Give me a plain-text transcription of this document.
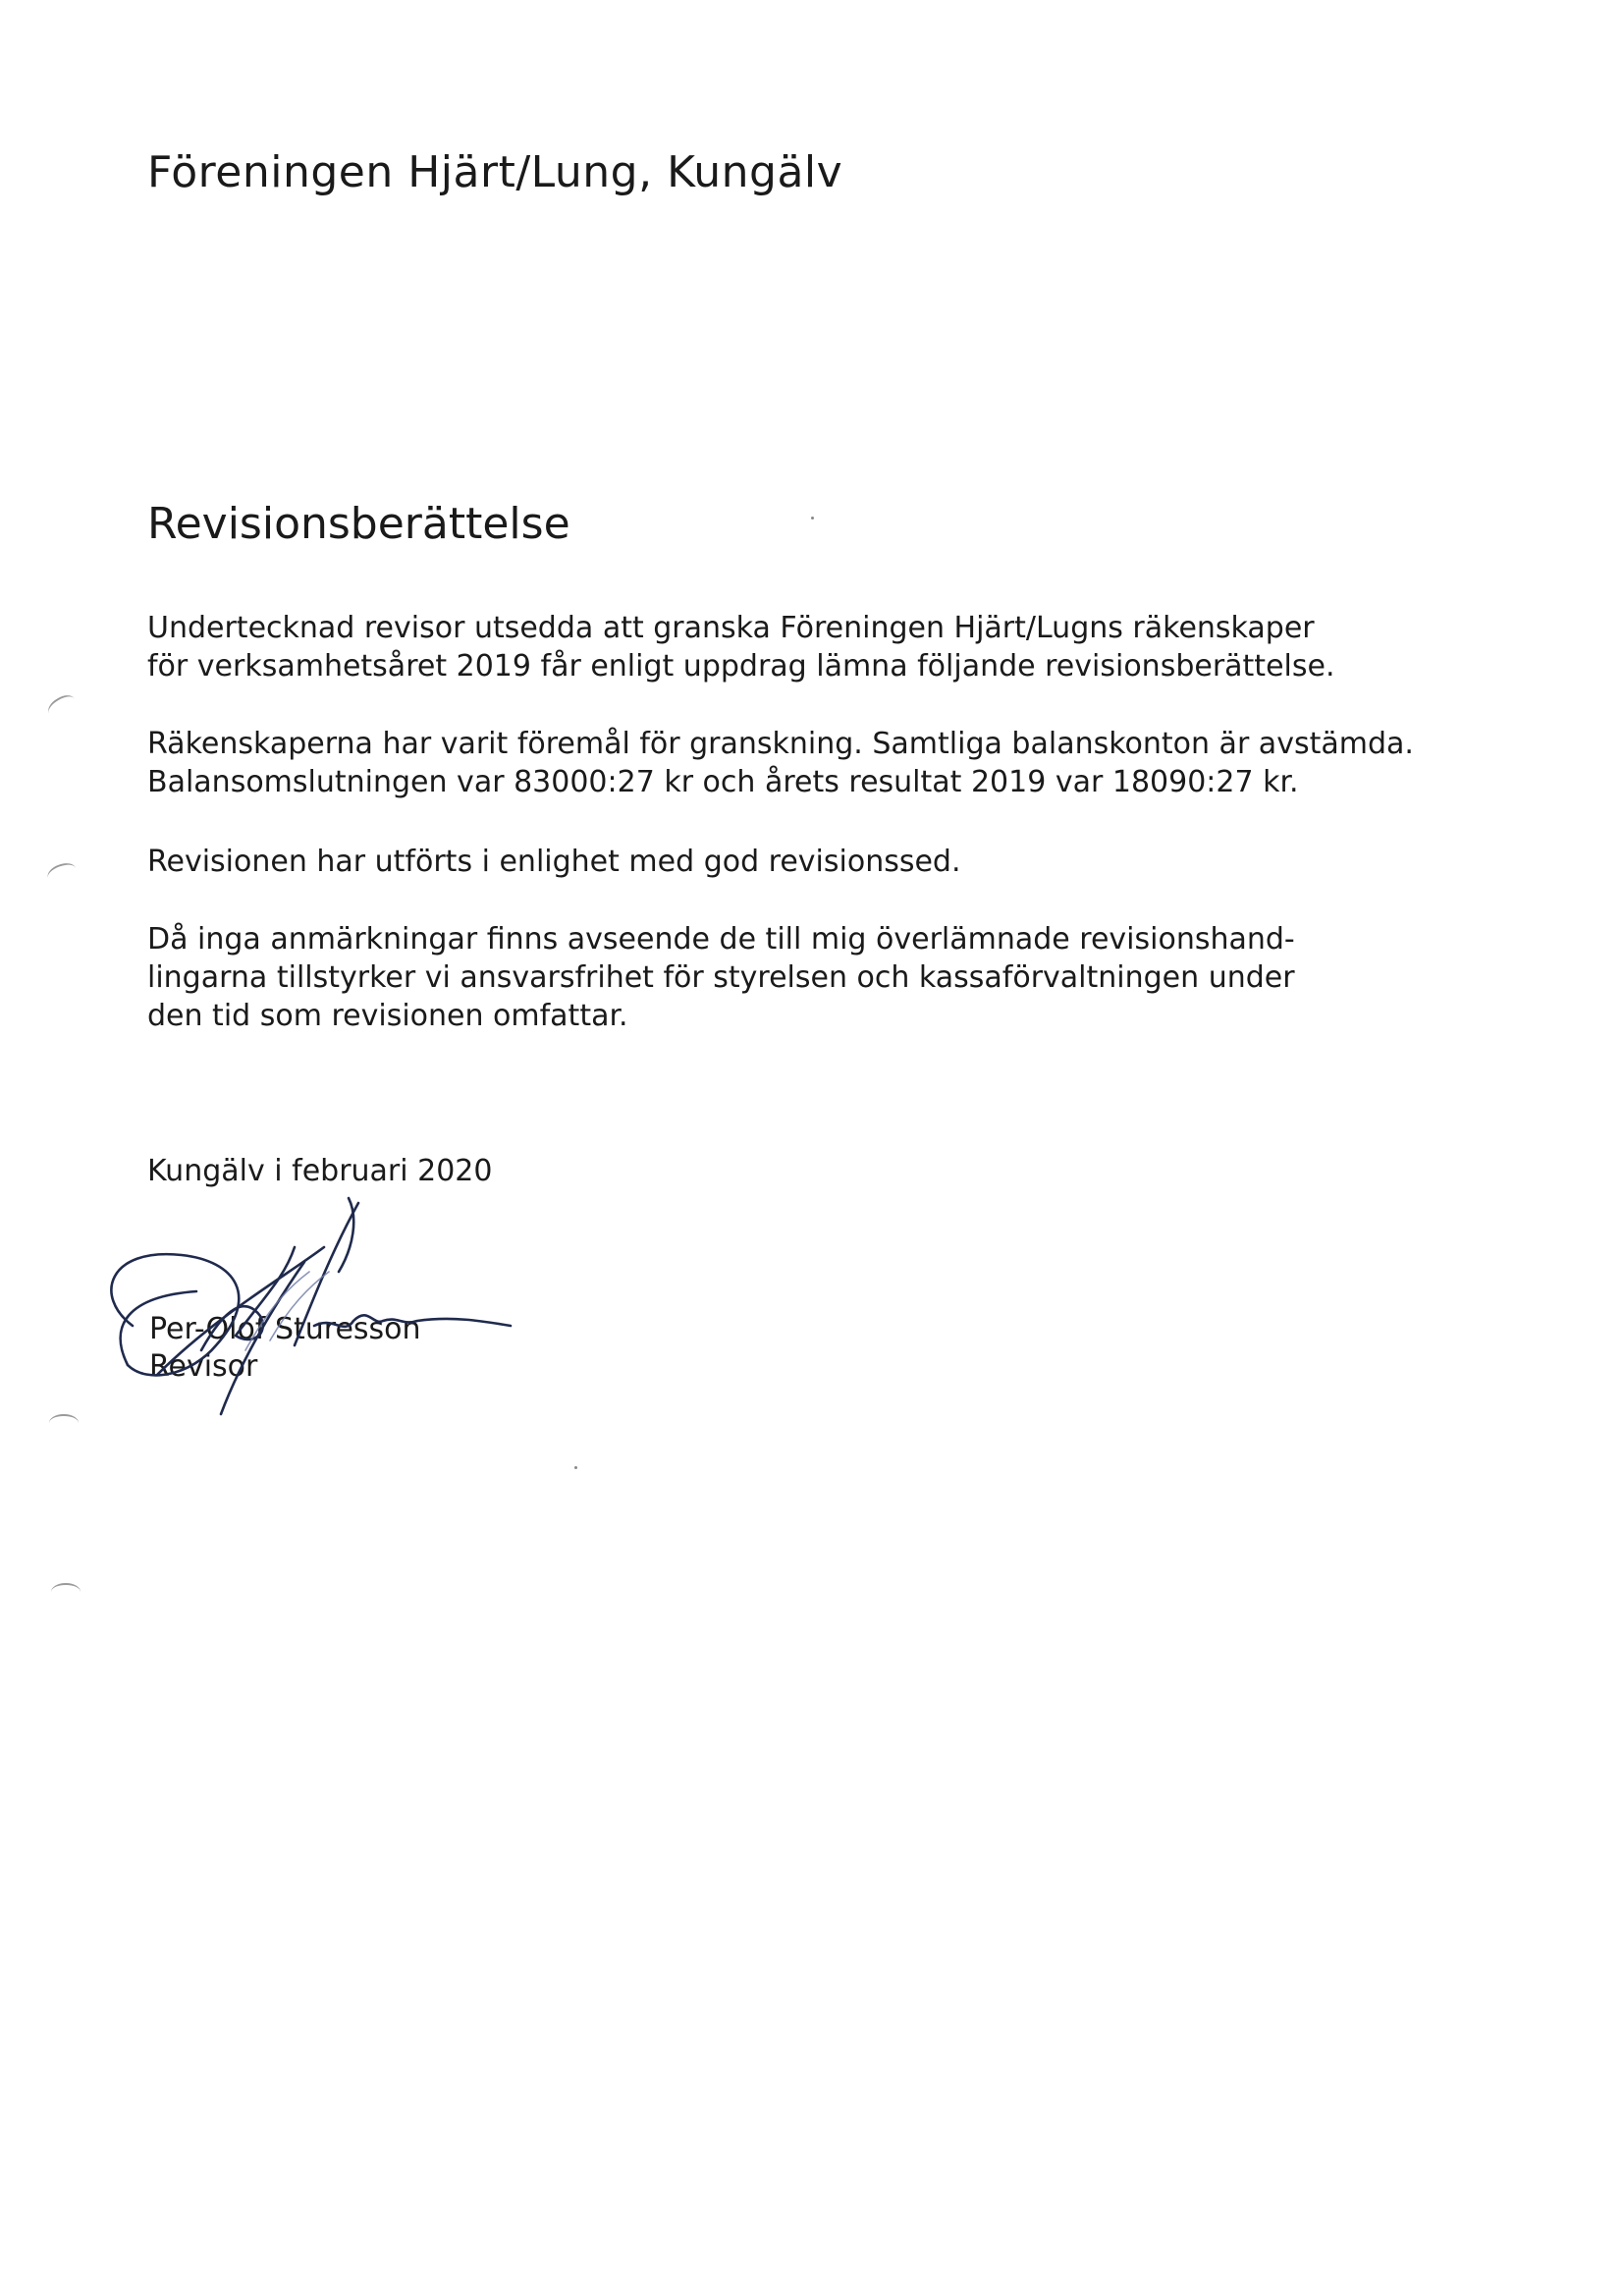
Föreningen Hjärt/Lung, Kungälv
Revisionsberättelse
Undertecknad revisor utsedda att granska Föreningen Hjärt/Lugns räkenskaper
för verksamhetsåret 2019 får enligt uppdrag lämna följande revisionsberättelse.
Räkenskaperna har varit föremål för granskning. Samtliga balanskonton är avstämda.
Balansomslutningen var 83000:27 kr och årets resultat 2019 var 18090:27 kr.
Revisionen har utförts i enlighet med god revisionssed.
Då inga anmärkningar finns avseende de till mig överlämnade revisionshand-
lingarna tillstyrker vi ansvarsfrihet för styrelsen och kassaförvaltningen under
den tid som revisionen omfattar.
Kungälv i februari 2020
Per-Olof Sturesson
Revisor
